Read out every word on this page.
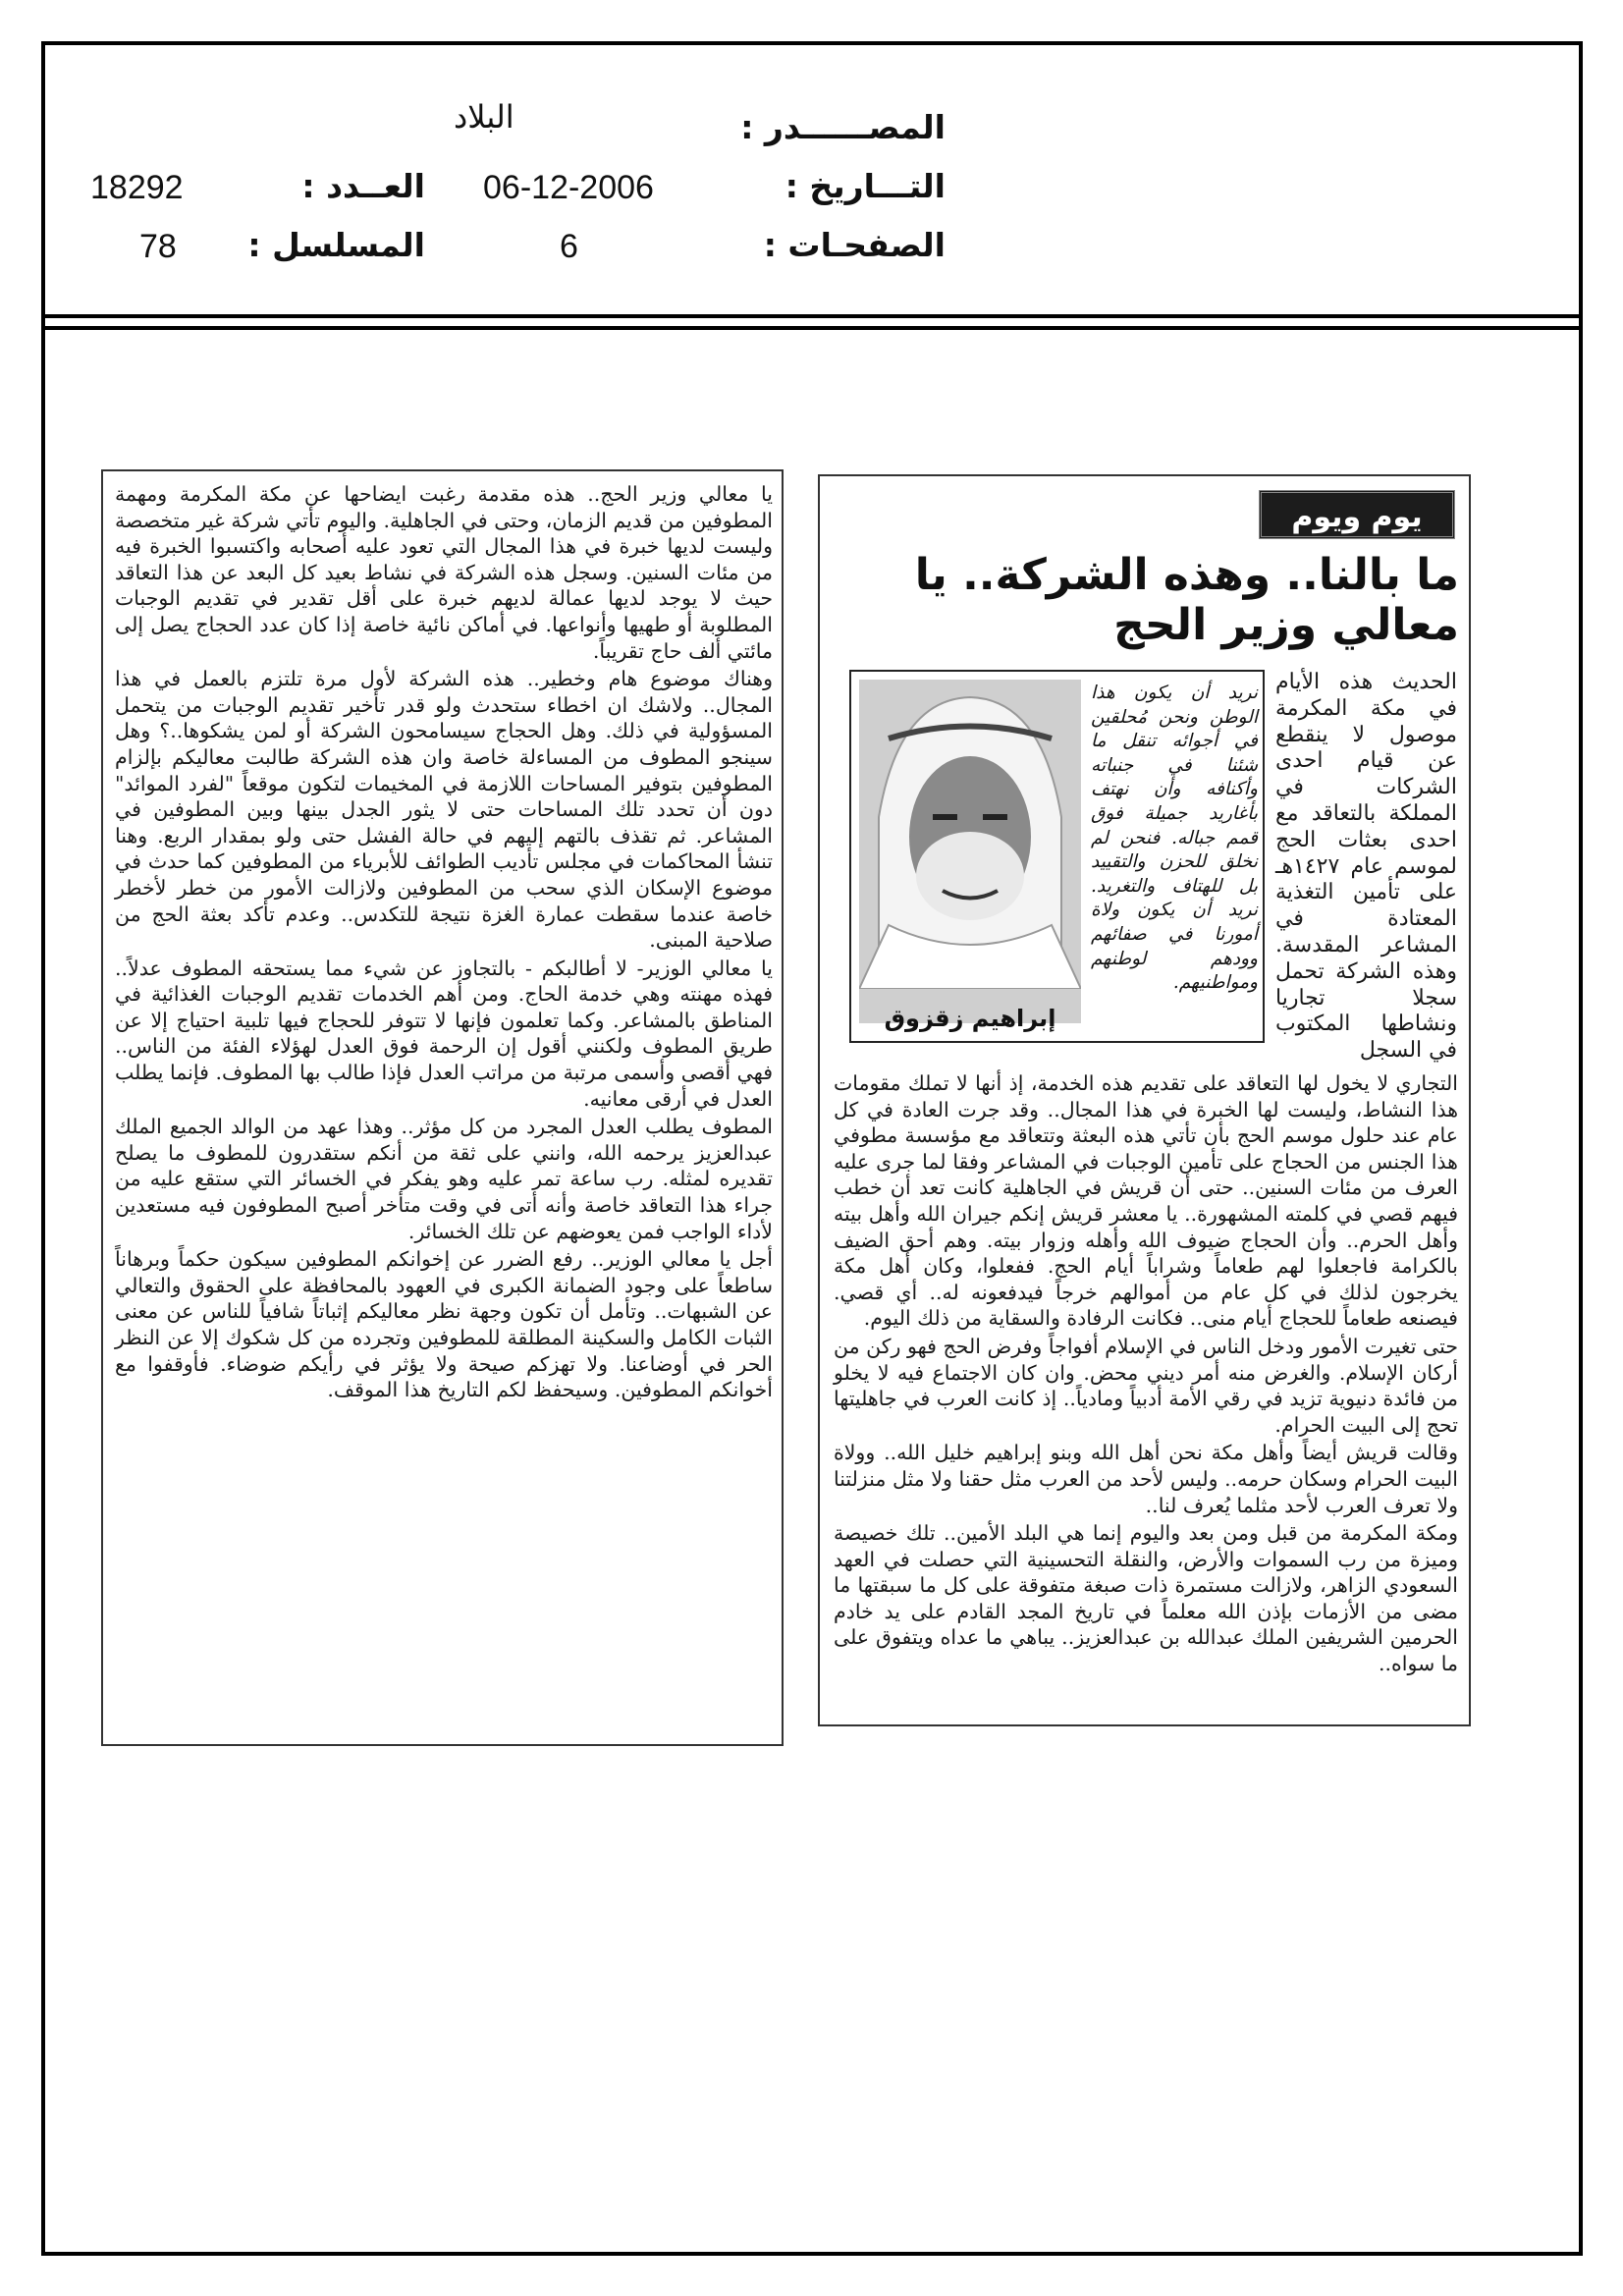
المصــــــدر :
البلاد
التـــاريخ :
06-12-2006
الصفحـات :
6
العــدد :
18292
المسلسل :
78
يوم ويوم
ما بالنا.. وهذه الشركة.. يا معالي وزير الحج
إبراهيم زقزوق
نريد أن يكون هذا الوطن ونحن مُحلقين في أجوائه تنقل ما شئنا في جنباته وأكنافه وأن نهتف بأغاريد جميلة فوق قمم جباله. فنحن لم نخلق للحزن والتقييد بل للهتاف والتغريد. نريد أن يكون ولاة أمورنا في صفائهم وودهم لوطنهم ومواطنيهم.
الحديث هذه الأيام في مكة المكرمة موصول لا ينقطع عن قيام احدى الشركات في المملكة بالتعاقد مع احدى بعثات الحج لموسم عام ١٤٢٧هـ على تأمين التغذية المعتادة في المشاعر المقدسة. وهذه الشركة تحمل سجلا تجاريا ونشاطها المكتوب في السجل

التجاري لا يخول لها التعاقد على تقديم هذه الخدمة، إذ أنها لا تملك مقومات هذا النشاط، وليست لها الخبرة في هذا المجال.. وقد جرت العادة في كل عام عند حلول موسم الحج بأن تأتي هذه البعثة وتتعاقد مع مؤسسة مطوفي هذا الجنس من الحجاج على تأمين الوجبات في المشاعر وفقا لما جرى عليه العرف من مئات السنين.. حتى أن قريش في الجاهلية كانت تعد أن خطب فيهم قصي في كلمته المشهورة.. يا معشر قريش إنكم جيران الله وأهل بيته وأهل الحرم.. وأن الحجاج ضيوف الله وأهله وزوار بيته. وهم أحق الضيف بالكرامة فاجعلوا لهم طعاماً وشراباً أيام الحج. ففعلوا، وكان أهل مكة يخرجون لذلك في كل عام من أموالهم خرجاً فيدفعونه له.. أي قصي. فيصنعه طعاماً للحجاج أيام منى.. فكانت الرفادة والسقاية من ذلك اليوم.

حتى تغيرت الأمور ودخل الناس في الإسلام أفواجاً وفرض الحج فهو ركن من أركان الإسلام. والغرض منه أمر ديني محض. وان كان الاجتماع فيه لا يخلو من فائدة دنيوية تزيد في رقي الأمة أدبياً ومادياً.. إذ كانت العرب في جاهليتها تحج إلى البيت الحرام.

وقالت قريش أيضاً وأهل مكة نحن أهل الله وبنو إبراهيم خليل الله.. وولاة البيت الحرام وسكان حرمه.. وليس لأحد من العرب مثل حقنا ولا مثل منزلتنا ولا تعرف العرب لأحد مثلما يُعرف لنا..

ومكة المكرمة من قبل ومن بعد واليوم إنما هي البلد الأمين.. تلك خصيصة وميزة من رب السموات والأرض، والنقلة التحسينية التي حصلت في العهد السعودي الزاهر، ولازالت مستمرة ذات صبغة متفوقة على كل ما سبقتها ما مضى من الأزمات بإذن الله معلماً في تاريخ المجد القادم على يد خادم الحرمين الشريفين الملك عبدالله بن عبدالعزيز.. يباهي ما عداه ويتفوق على ما سواه..

يا معالي وزير الحج.. هذه مقدمة رغبت ايضاحها عن مكة المكرمة ومهمة المطوفين من قديم الزمان، وحتى في الجاهلية. واليوم تأتي شركة غير متخصصة وليست لديها خبرة في هذا المجال التي تعود عليه أصحابه واكتسبوا الخبرة فيه من مئات السنين. وسجل هذه الشركة في نشاط بعيد كل البعد عن هذا التعاقد حيث لا يوجد لديها عمالة لديهم خبرة على أقل تقدير في تقديم الوجبات المطلوبة أو طهيها وأنواعها. في أماكن نائية خاصة إذا كان عدد الحجاج يصل إلى مائتي ألف حاج تقريباً.

وهناك موضوع هام وخطير.. هذه الشركة لأول مرة تلتزم بالعمل في هذا المجال.. ولاشك ان اخطاء ستحدث ولو قدر تأخير تقديم الوجبات من يتحمل المسؤولية في ذلك. وهل الحجاج سيسامحون الشركة أو لمن يشكوها..؟ وهل سينجو المطوف من المساءلة خاصة وان هذه الشركة طالبت معاليكم بإلزام المطوفين بتوفير المساحات اللازمة في المخيمات لتكون موقعاً "لفرد الموائد" دون أن تحدد تلك المساحات حتى لا يثور الجدل بينها وبين المطوفين في المشاعر. ثم تقذف بالتهم إليهم في حالة الفشل حتى ولو بمقدار الربع. وهنا تنشأ المحاكمات في مجلس تأديب الطوائف للأبرياء من المطوفين كما حدث في موضوع الإسكان الذي سحب من المطوفين ولازالت الأمور من خطر لأخطر خاصة عندما سقطت عمارة الغزة نتيجة للتكدس.. وعدم تأكد بعثة الحج من صلاحية المبنى.

يا معالي الوزير- لا أطالبكم - بالتجاوز عن شيء مما يستحقه المطوف عدلاً.. فهذه مهنته وهي خدمة الحاج. ومن أهم الخدمات تقديم الوجبات الغذائية في المناطق بالمشاعر. وكما تعلمون فإنها لا تتوفر للحجاج فيها تلبية احتياج إلا عن طريق المطوف ولكنني أقول إن الرحمة فوق العدل لهؤلاء الفئة من الناس.. فهي أقصى وأسمى مرتبة من مراتب العدل فإذا طالب بها المطوف. فإنما يطلب العدل في أرقى معانيه.

المطوف يطلب العدل المجرد من كل مؤثر.. وهذا عهد من الوالد الجميع الملك عبدالعزيز يرحمه الله، وانني على ثقة من أنكم ستقدرون للمطوف ما يصلح تقديره لمثله. رب ساعة تمر عليه وهو يفكر في الخسائر التي ستقع عليه من جراء هذا التعاقد خاصة وأنه أتى في وقت متأخر أصبح المطوفون فيه مستعدين لأداء الواجب فمن يعوضهم عن تلك الخسائر.

أجل يا معالي الوزير.. رفع الضرر عن إخوانكم المطوفين سيكون حكماً وبرهاناً ساطعاً على وجود الضمانة الكبرى في العهود بالمحافظة على الحقوق والتعالي عن الشبهات.. وتأمل أن تكون وجهة نظر معاليكم إثباتاً شافياً للناس عن معنى الثبات الكامل والسكينة المطلقة للمطوفين وتجرده من كل شكوك إلا عن النظر الحر في أوضاعنا. ولا تهزكم صيحة ولا يؤثر في رأيكم ضوضاء. فأوقفوا مع أخوانكم المطوفين. وسيحفظ لكم التاريخ هذا الموقف.
